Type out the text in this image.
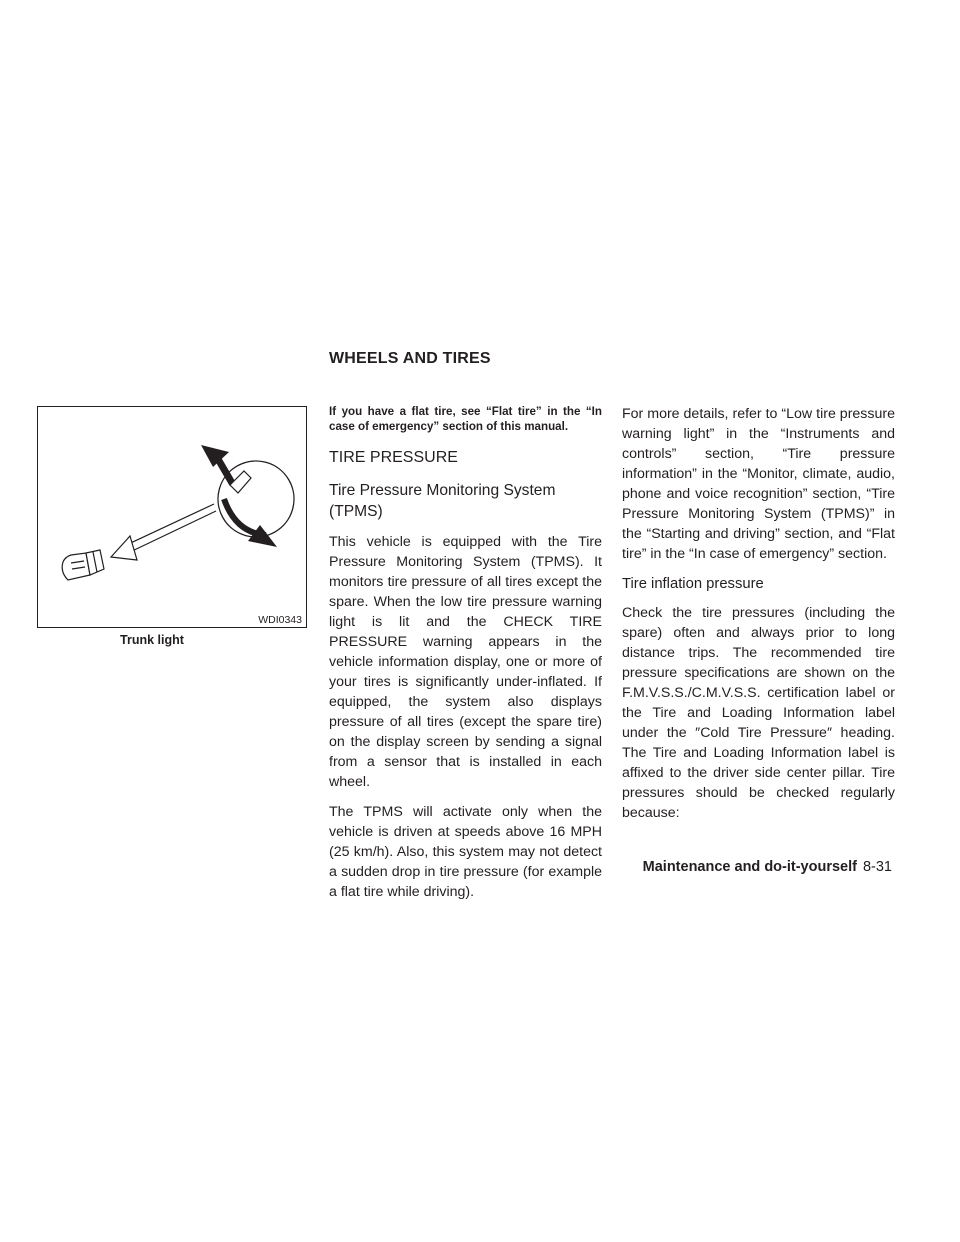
WHEELS AND TIRES
WDI0343
Trunk light

If you have a flat tire, see “Flat tire” in the “In case of emergency” section of this manual.

TIRE PRESSURE
Tire Pressure Monitoring System (TPMS)

This vehicle is equipped with the Tire Pressure Monitoring System (TPMS). It monitors tire pressure of all tires except the spare. When the low tire pressure warning light is lit and the CHECK TIRE PRESSURE warning appears in the vehicle information display, one or more of your tires is significantly under-inflated. If equipped, the system also displays pressure of all tires (except the spare tire) on the display screen by sending a signal from a sensor that is installed in each wheel.

The TPMS will activate only when the vehicle is driven at speeds above 16 MPH (25 km/h). Also, this system may not detect a sudden drop in tire pressure (for example a flat tire while driving).

For more details, refer to “Low tire pressure warning light” in the “Instruments and controls” section, “Tire pressure information” in the “Monitor, climate, audio, phone and voice recognition” section, “Tire Pressure Monitoring System (TPMS)” in the “Starting and driving” section, and “Flat tire” in the “In case of emergency” section.

Tire inflation pressure

Check the tire pressures (including the spare) often and always prior to long distance trips. The recommended tire pressure specifications are shown on the F.M.V.S.S./C.M.V.S.S. certification label or the Tire and Loading Information label under the ″Cold Tire Pressure″ heading. The Tire and Loading Information label is affixed to the driver side center pillar. Tire pressures should be checked regularly because:

Maintenance and do-it-yourself 8-31
